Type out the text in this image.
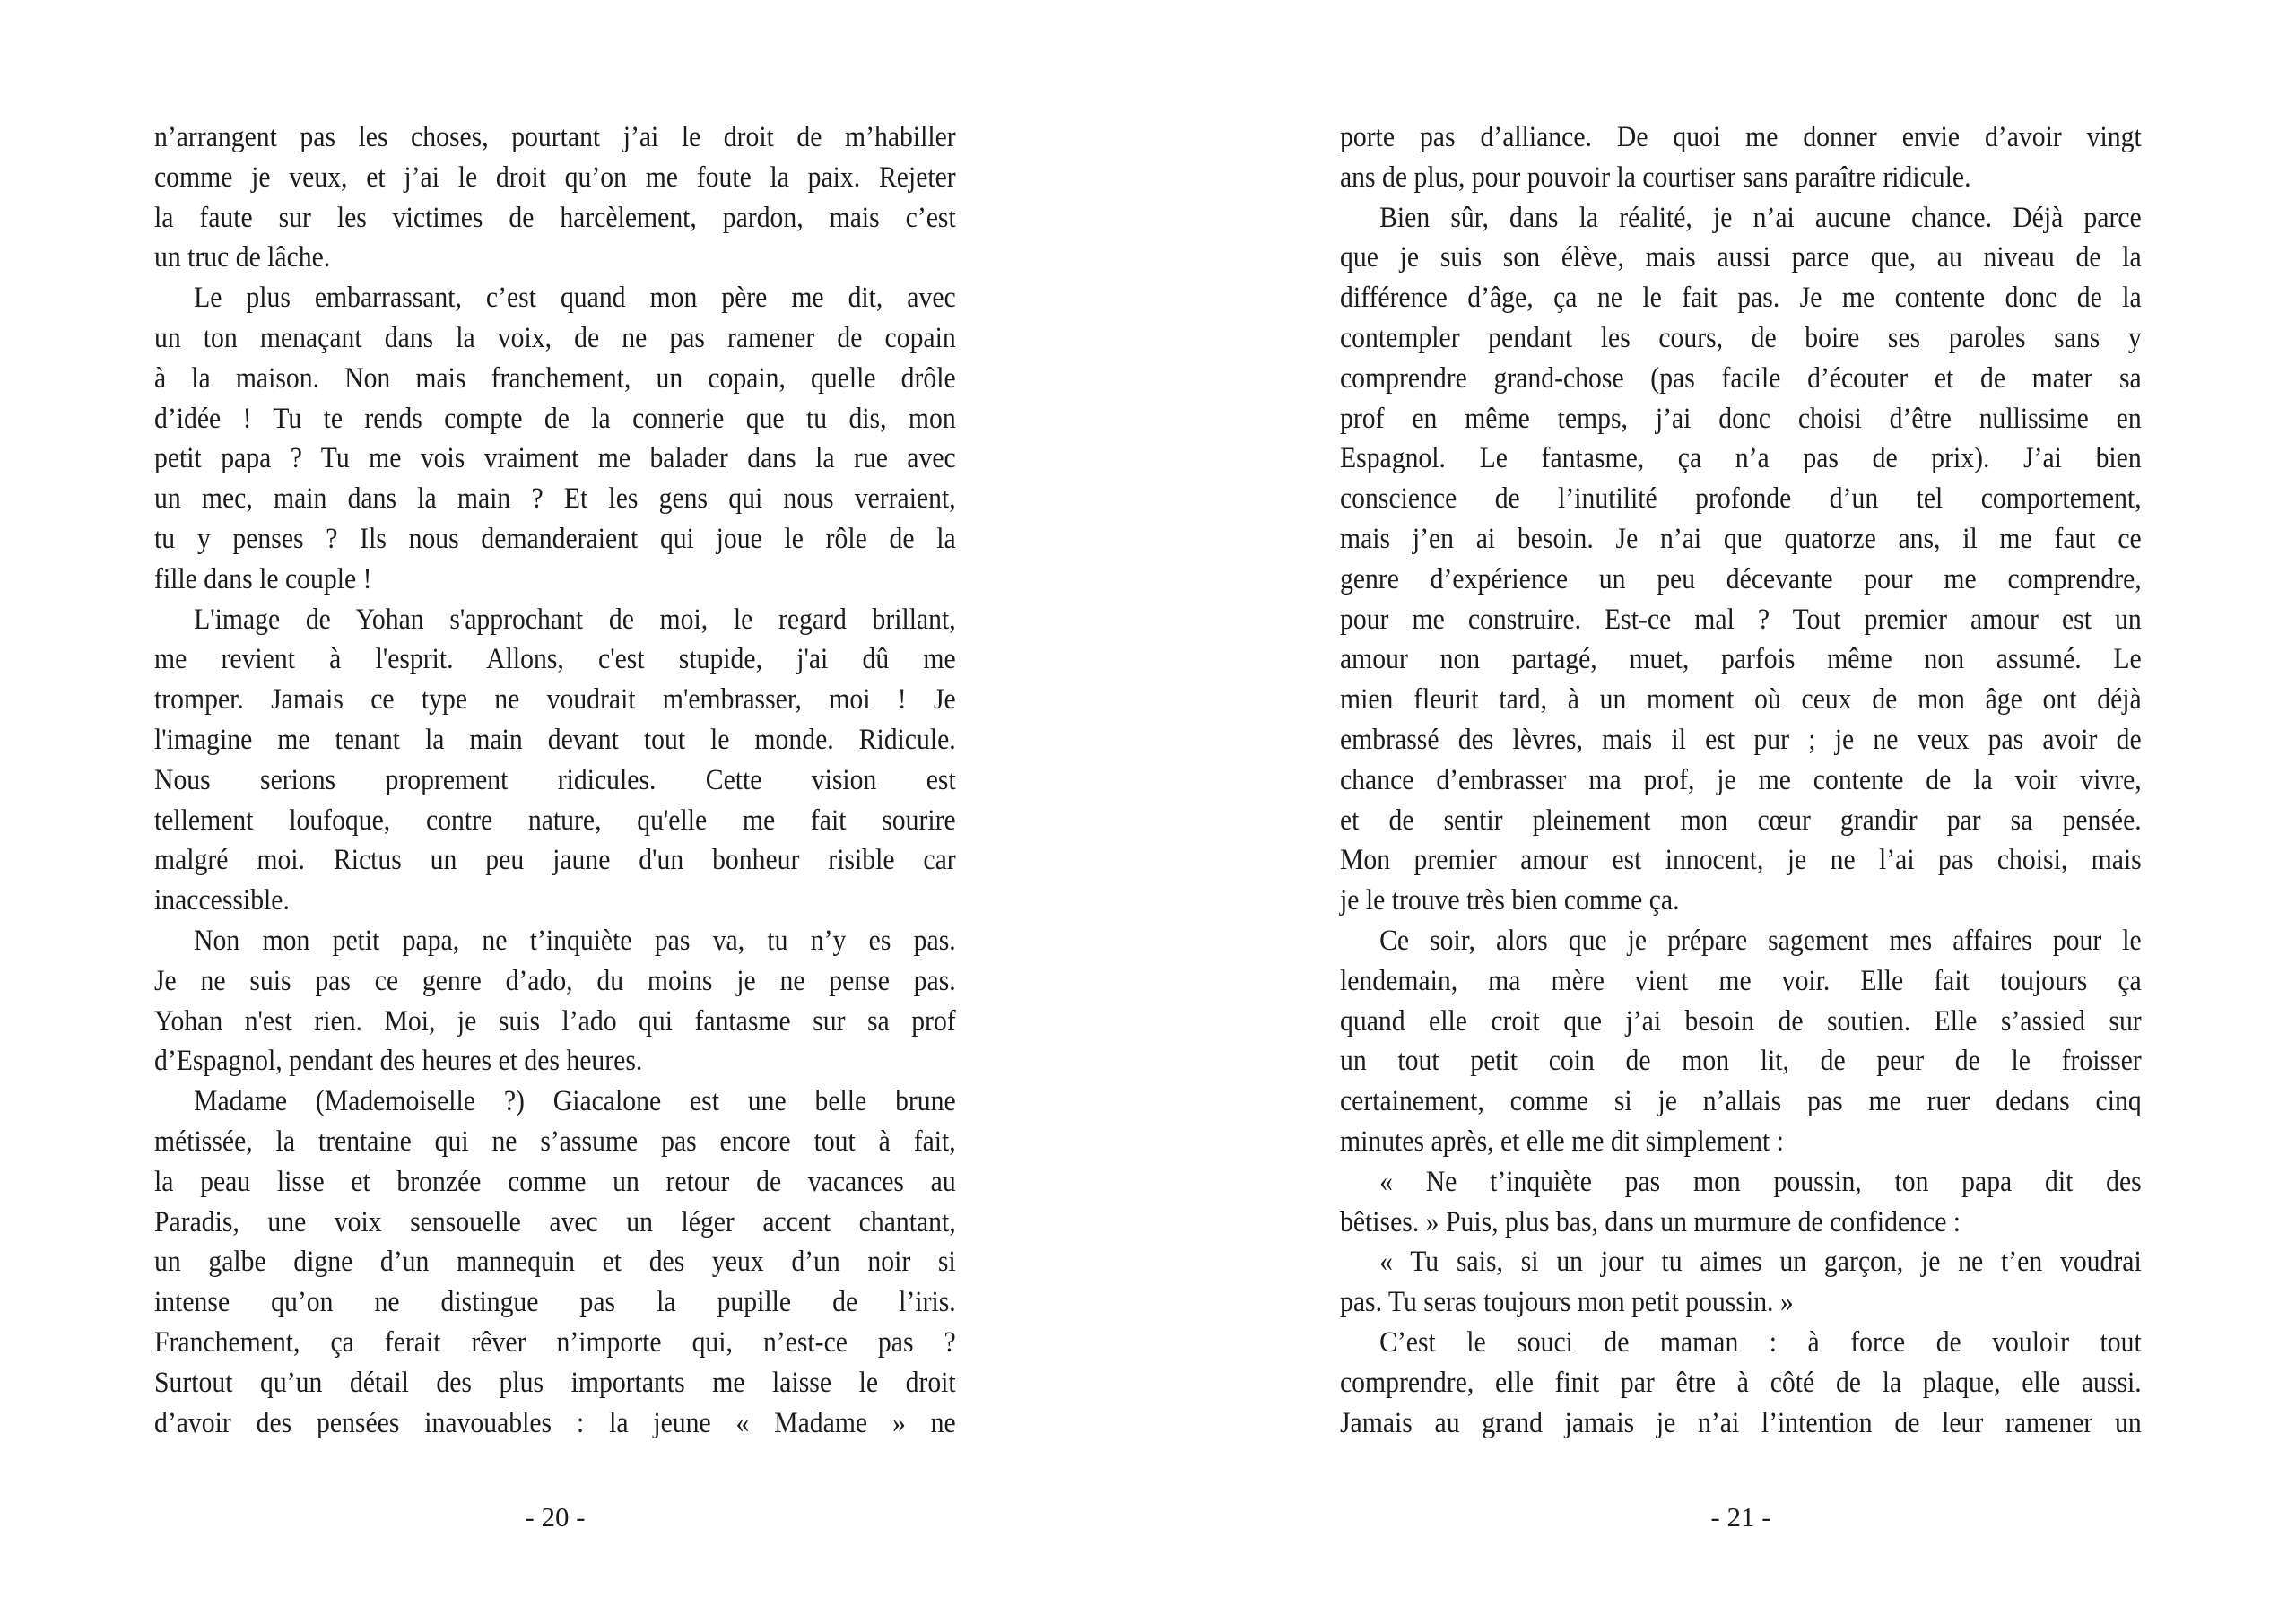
n’arrangent pas les choses, pourtant j’ai le droit de m’habiller
comme je veux, et j’ai le droit qu’on me foute la paix. Rejeter
la faute sur les victimes de harcèlement, pardon, mais c’est
un truc de lâche.
Le plus embarrassant, c’est quand mon père me dit, avec
un ton menaçant dans la voix, de ne pas ramener de copain
à la maison. Non mais franchement, un copain, quelle drôle
d’idée ! Tu te rends compte de la connerie que tu dis, mon
petit papa ? Tu me vois vraiment me balader dans la rue avec
un mec, main dans la main ? Et les gens qui nous verraient,
tu y penses ? Ils nous demanderaient qui joue le rôle de la
fille dans le couple !
L'image de Yohan s'approchant de moi, le regard brillant,
me revient à l'esprit. Allons, c'est stupide, j'ai dû me
tromper. Jamais ce type ne voudrait m'embrasser, moi ! Je
l'imagine me tenant la main devant tout le monde. Ridicule.
Nous serions proprement ridicules. Cette vision est
tellement loufoque, contre nature, qu'elle me fait sourire
malgré moi. Rictus un peu jaune d'un bonheur risible car
inaccessible.
Non mon petit papa, ne t’inquiète pas va, tu n’y es pas.
Je ne suis pas ce genre d’ado, du moins je ne pense pas.
Yohan n'est rien. Moi, je suis l’ado qui fantasme sur sa prof
d’Espagnol, pendant des heures et des heures.
Madame (Mademoiselle ?) Giacalone est une belle brune
métissée, la trentaine qui ne s’assume pas encore tout à fait,
la peau lisse et bronzée comme un retour de vacances au
Paradis, une voix sensouelle avec un léger accent chantant,
un galbe digne d’un mannequin et des yeux d’un noir si
intense qu’on ne distingue pas la pupille de l’iris.
Franchement, ça ferait rêver n’importe qui, n’est-ce pas ?
Surtout qu’un détail des plus importants me laisse le droit
d’avoir des pensées inavouables : la jeune « Madame » ne
- 20 -
porte pas d’alliance. De quoi me donner envie d’avoir vingt
ans de plus, pour pouvoir la courtiser sans paraître ridicule.
Bien sûr, dans la réalité, je n’ai aucune chance. Déjà parce
que je suis son élève, mais aussi parce que, au niveau de la
différence d’âge, ça ne le fait pas. Je me contente donc de la
contempler pendant les cours, de boire ses paroles sans y
comprendre grand-chose (pas facile d’écouter et de mater sa
prof en même temps, j’ai donc choisi d’être nullissime en
Espagnol. Le fantasme, ça n’a pas de prix). J’ai bien
conscience de l’inutilité profonde d’un tel comportement,
mais j’en ai besoin. Je n’ai que quatorze ans, il me faut ce
genre d’expérience un peu décevante pour me comprendre,
pour me construire. Est-ce mal ? Tout premier amour est un
amour non partagé, muet, parfois même non assumé. Le
mien fleurit tard, à un moment où ceux de mon âge ont déjà
embrassé des lèvres, mais il est pur ; je ne veux pas avoir de
chance d’embrasser ma prof, je me contente de la voir vivre,
et de sentir pleinement mon cœur grandir par sa pensée.
Mon premier amour est innocent, je ne l’ai pas choisi, mais
je le trouve très bien comme ça.
Ce soir, alors que je prépare sagement mes affaires pour le
lendemain, ma mère vient me voir. Elle fait toujours ça
quand elle croit que j’ai besoin de soutien. Elle s’assied sur
un tout petit coin de mon lit, de peur de le froisser
certainement, comme si je n’allais pas me ruer dedans cinq
minutes après, et elle me dit simplement :
« Ne t’inquiète pas mon poussin, ton papa dit des
bêtises. » Puis, plus bas, dans un murmure de confidence :
« Tu sais, si un jour tu aimes un garçon, je ne t’en voudrai
pas. Tu seras toujours mon petit poussin. »
C’est le souci de maman : à force de vouloir tout
comprendre, elle finit par être à côté de la plaque, elle aussi.
Jamais au grand jamais je n’ai l’intention de leur ramener un
- 21 -
